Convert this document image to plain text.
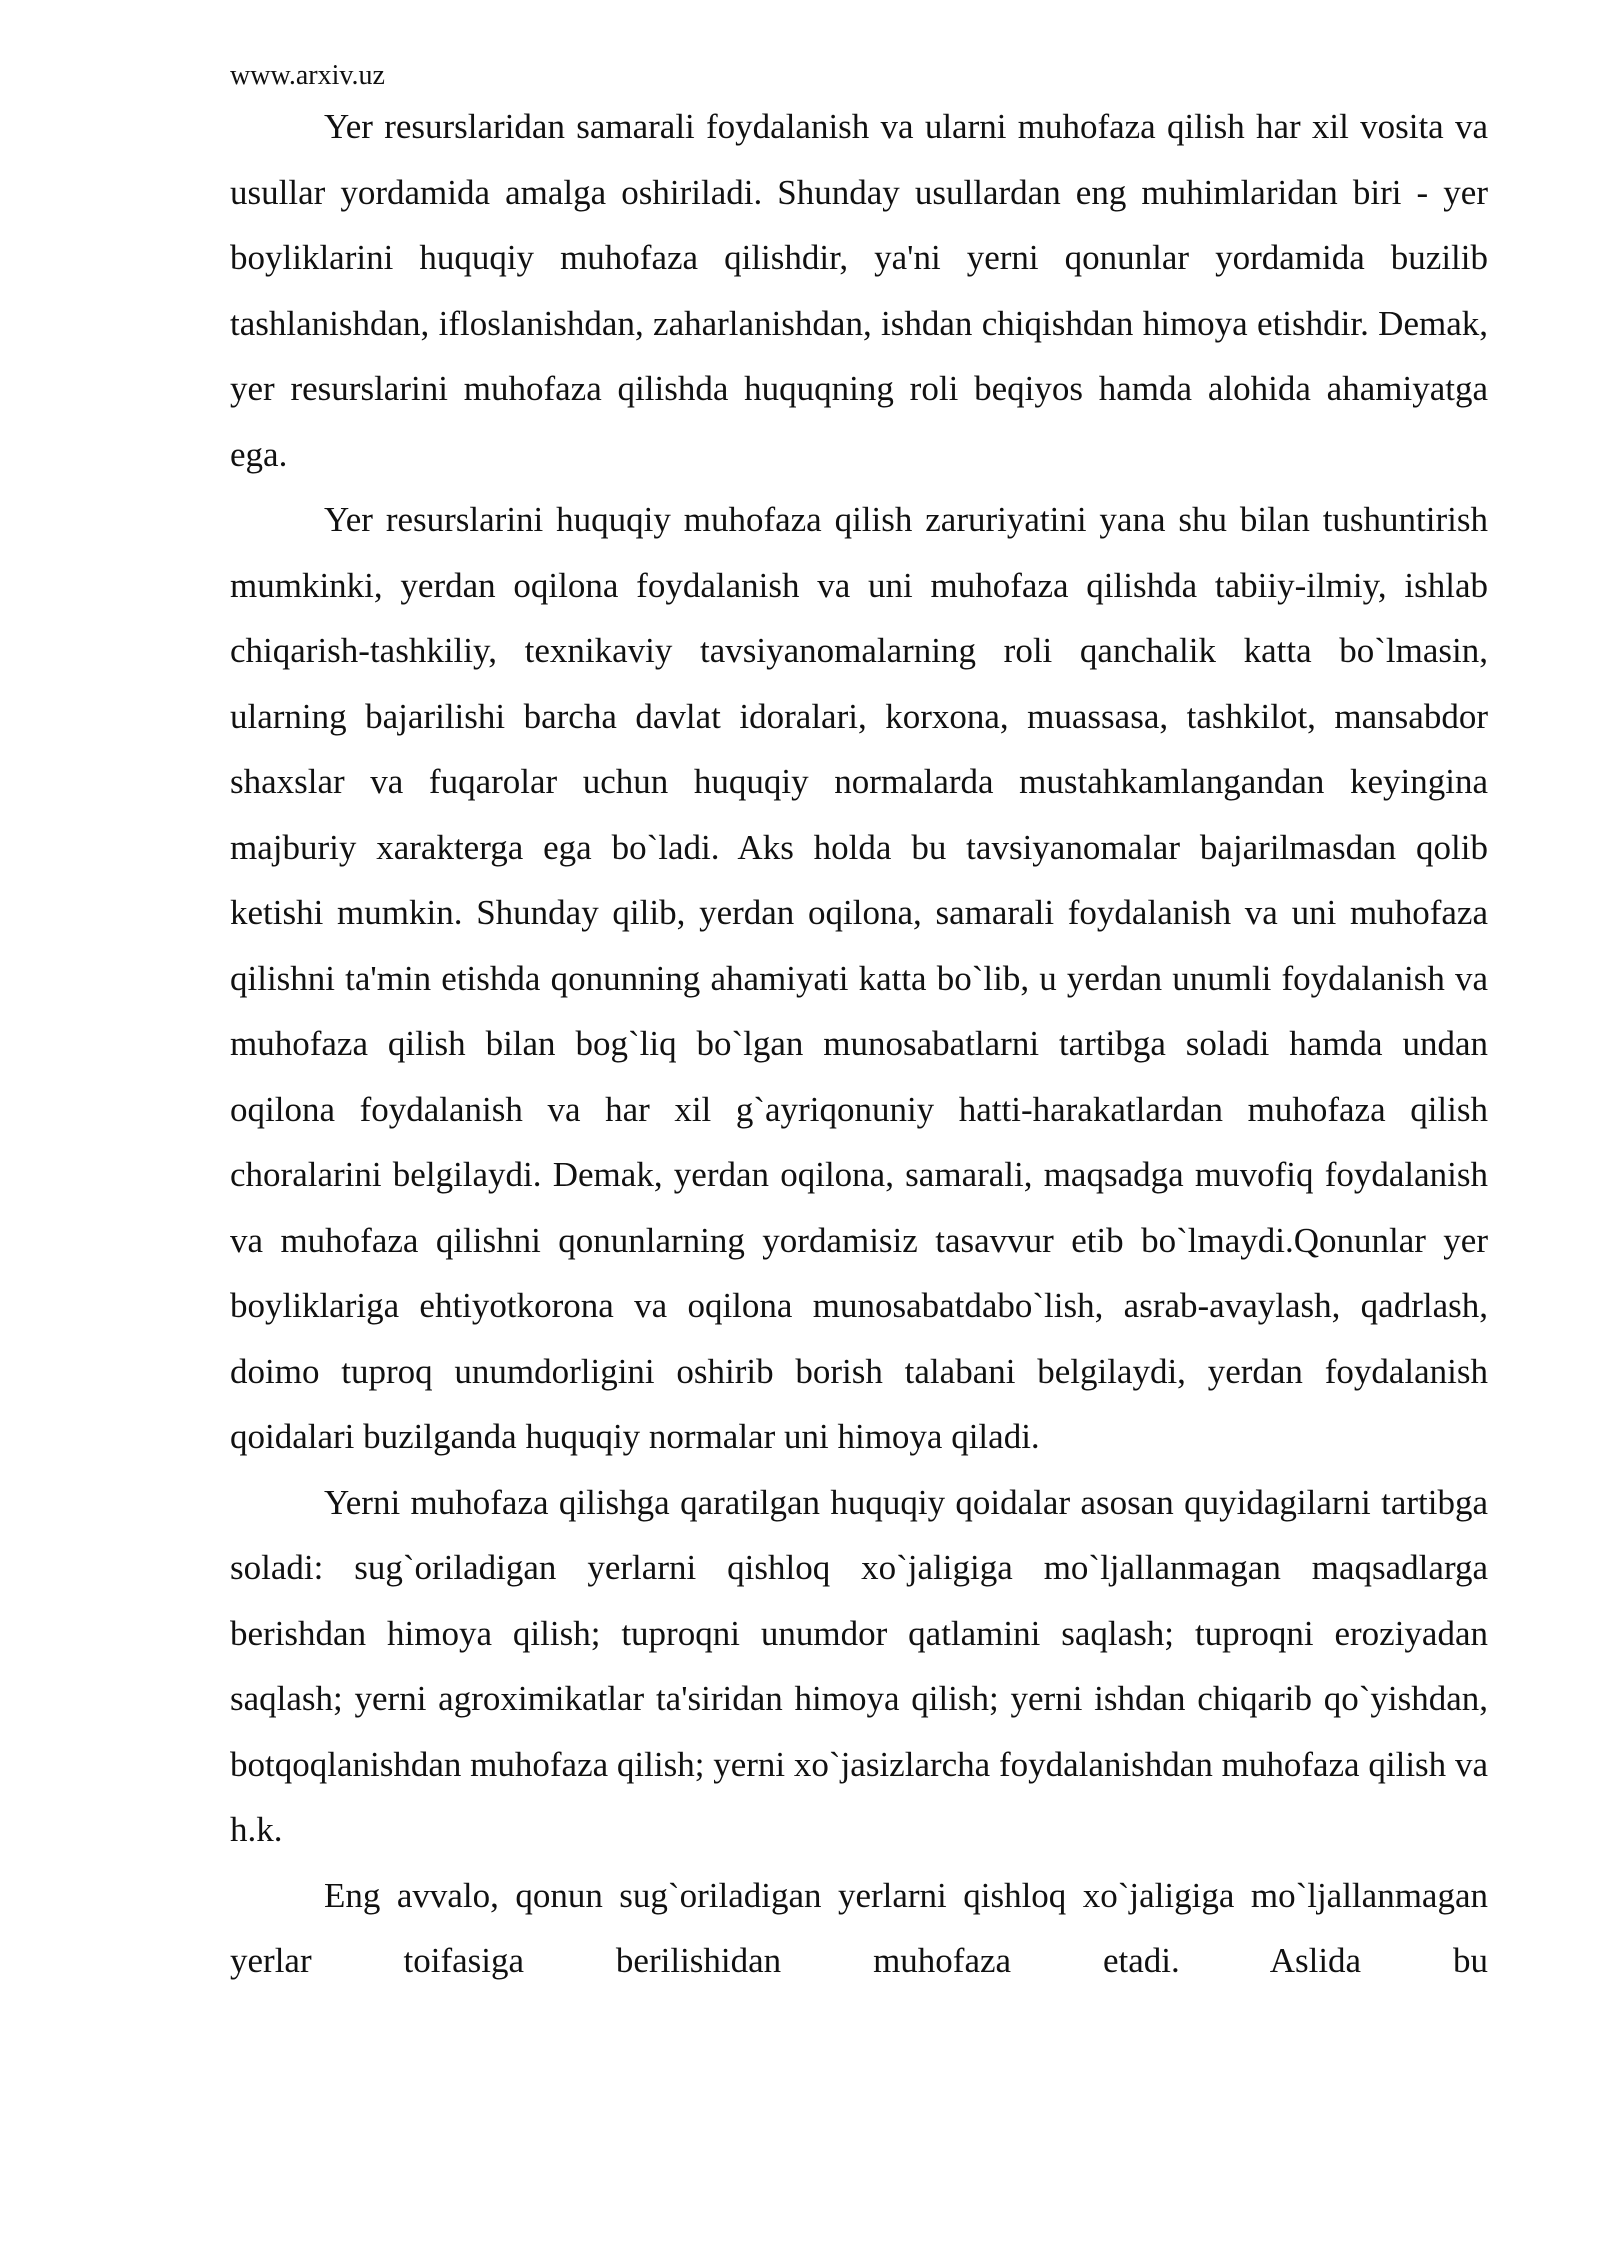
www.arxiv.uz

Yer resurslaridan samarali foydalanish va ularni muhofaza qilish har xil vosita va usullar yordamida amalga oshiriladi. Shunday usullardan eng muhimlaridan biri - yer boyliklarini huquqiy muhofaza qilishdir, ya'ni yerni qonunlar yordamida buzilib tashlanishdan, ifloslanishdan, zaharlanishdan, ishdan chiqishdan himoya etishdir. Demak, yer resurslarini muhofaza qilishda huquqning roli beqiyos hamda alohida ahamiyatga ega.

Yer resurslarini huquqiy muhofaza qilish zaruriyatini yana shu bilan tushuntirish mumkinki, yerdan oqilona foydalanish va uni muhofaza qilishda tabiiy-ilmiy, ishlab chiqarish-tashkiliy, texnikaviy tavsiyanomalarning roli qanchalik katta bo`lmasin, ularning bajarilishi barcha davlat idoralari, korxona, muassasa, tashkilot, mansabdor shaxslar va fuqarolar uchun huquqiy normalarda mustahkamlangandan keyingina majburiy xarakterga ega bo`ladi. Aks holda bu tavsiyanomalar bajarilmasdan qolib ketishi mumkin. Shunday qilib, yerdan oqilona, samarali foydalanish va uni muhofaza qilishni ta'min etishda qonunning ahamiyati katta bo`lib, u yerdan unumli foydalanish va muhofaza qilish bilan bog`liq bo`lgan munosabatlarni tartibga soladi hamda undan oqilona foydalanish va har xil g`ayriqonuniy hatti-harakatlardan muhofaza qilish choralarini belgilaydi. Demak, yerdan oqilona, samarali, maqsadga muvofiq foydalanish va muhofaza qilishni qonunlarning yordamisiz tasavvur etib bo`lmaydi.Qonunlar yer boyliklariga ehtiyotkorona va oqilona munosabatdabo`lish, asrab-avaylash, qadrlash, doimo tuproq unumdorligini oshirib borish talabani belgilaydi, yerdan foydalanish qoidalari buzilganda huquqiy normalar uni himoya qiladi.

Yerni muhofaza qilishga qaratilgan huquqiy qoidalar asosan quyidagilarni tartibga soladi: sug`oriladigan yerlarni qishloq xo`jaligiga mo`ljallanmagan maqsadlarga berishdan himoya qilish; tuproqni unumdor qatlamini saqlash; tuproqni eroziyadan saqlash; yerni agroximikatlar ta'siridan himoya qilish; yerni ishdan chiqarib qo`yishdan, botqoqlanishdan muhofaza qilish; yerni xo`jasizlarcha foydalanishdan muhofaza qilish va h.k.

Eng avvalo, qonun sug`oriladigan yerlarni qishloq xo`jaligiga mo`ljallanmagan yerlar toifasiga berilishidan muhofaza etadi. Aslida bu
